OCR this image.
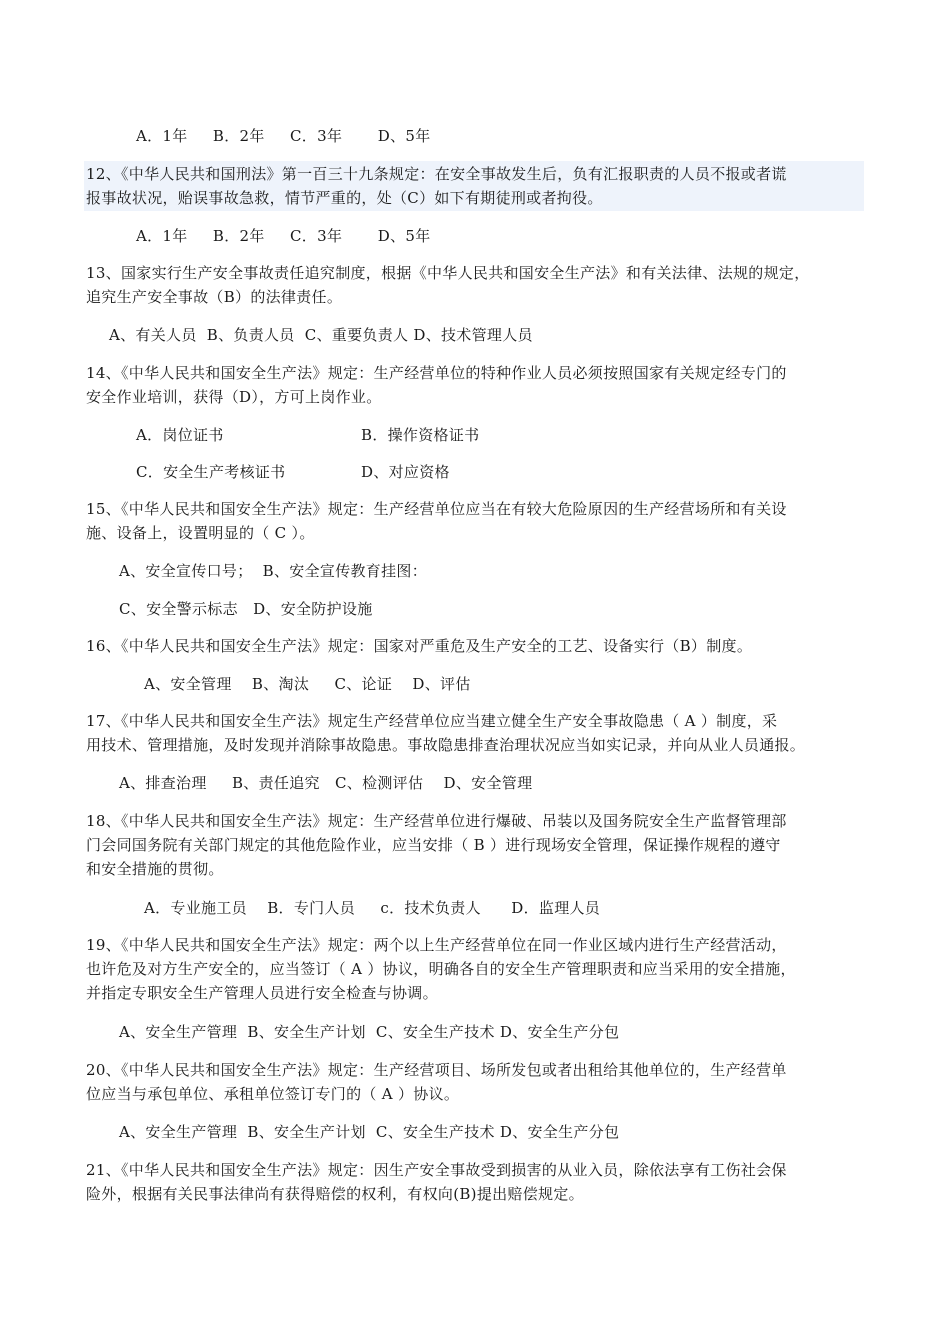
A．1年     B．2年     C．3年       D、5年
12、《中华人民共和国刑法》第一百三十九条规定：在安全事故发生后，负有汇报职责的人员不报或者谎
报事故状况，贻误事故急救，情节严重的，处（C）如下有期徒刑或者拘役。
A．1年     B．2年     C．3年       D、5年
13、国家实行生产安全事故责任追究制度，根据《中华人民共和国安全生产法》和有关法律、法规的规定，
追究生产安全事故（B）的法律责任。
A、有关人员  B、负责人员  C、重要负责人 D、技术管理人员
14、《中华人民共和国安全生产法》规定：生产经营单位的特种作业人员必须按照国家有关规定经专门的
安全作业培训，获得（D），方可上岗作业。
A．岗位证书	B．操作资格证书
C．安全生产考核证书	D、对应资格
15、《中华人民共和国安全生产法》规定：生产经营单位应当在有较大危险原因的生产经营场所和有关设
施、设备上，设置明显的（ C ）。
A、安全宣传口号；  B、安全宣传教育挂图：
C、安全警示标志   D、安全防护设施
16、《中华人民共和国安全生产法》规定：国家对严重危及生产安全的工艺、设备实行（B）制度。
A、安全管理    B、淘汰     C、论证    D、评估
17、《中华人民共和国安全生产法》规定生产经营单位应当建立健全生产安全事故隐患（ A ）制度，采
用技术、管理措施，及时发现并消除事故隐患。事故隐患排查治理状况应当如实记录，并向从业人员通报。
A、排查治理     B、责任追究   C、检测评估    D、安全管理
18、《中华人民共和国安全生产法》规定：生产经营单位进行爆破、吊装以及国务院安全生产监督管理部
门会同国务院有关部门规定的其他危险作业，应当安排（ B ）进行现场安全管理，保证操作规程的遵守
和安全措施的贯彻。
A．专业施工员    B．专门人员     c．技术负责人      D．监理人员
19、《中华人民共和国安全生产法》规定：两个以上生产经营单位在同一作业区域内进行生产经营活动，
也许危及对方生产安全的，应当签订（ A ）协议，明确各自的安全生产管理职责和应当采用的安全措施，
并指定专职安全生产管理人员进行安全检查与协调。
A、安全生产管理  B、安全生产计划  C、安全生产技术 D、安全生产分包
20、《中华人民共和国安全生产法》规定：生产经营项目、场所发包或者出租给其他单位的，生产经营单
位应当与承包单位、承租单位签订专门的（ A ）协议。
A、安全生产管理  B、安全生产计划  C、安全生产技术 D、安全生产分包
21、《中华人民共和国安全生产法》规定：因生产安全事故受到损害的从业入员，除依法享有工伤社会保
险外，根据有关民事法律尚有获得赔偿的权利，有权向(B)提出赔偿规定。
